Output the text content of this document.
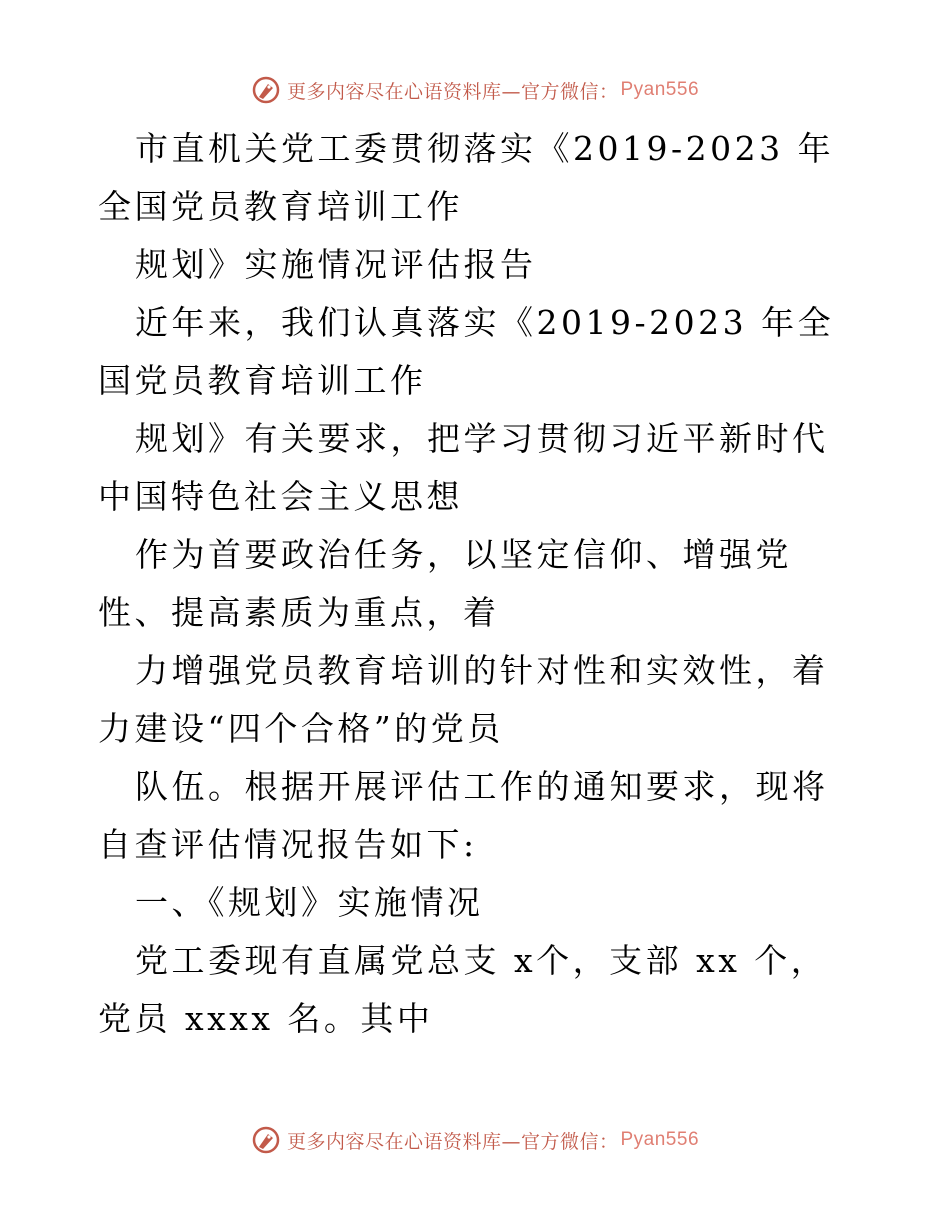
更多内容尽在心语资料库—官方微信： Pyan556

市直机关党工委贯彻落实《2019-2023 年全国党员教育培训工作

规划》实施情况评估报告

近年来，我们认真落实《2019-2023 年全国党员教育培训工作

规划》有关要求，把学习贯彻习近平新时代中国特色社会主义思想

作为首要政治任务，以坚定信仰、增强党性、提高素质为重点，着

力增强党员教育培训的针对性和实效性，着力建设“四个合格”的党员

队伍。根据开展评估工作的通知要求，现将自查评估情况报告如下:

一、《规划》实施情况

党工委现有直属党总支 x个，支部 xx 个，党员 xxxx 名。其中

更多内容尽在心语资料库—官方微信： Pyan556
